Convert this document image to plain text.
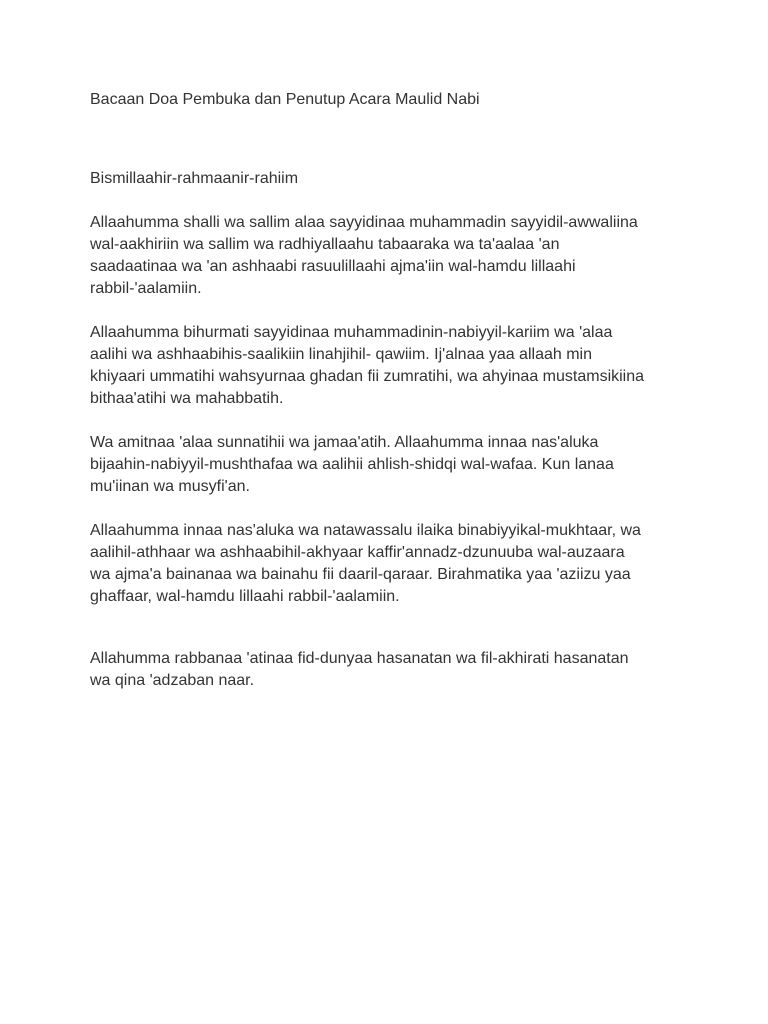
Bacaan Doa Pembuka dan Penutup Acara Maulid Nabi

Bismillaahir-rahmaanir-rahiim

Allaahumma shalli wa sallim alaa sayyidinaa muhammadin sayyidil-awwaliina
wal-aakhiriin wa sallim wa radhiyallaahu tabaaraka wa ta'aalaa 'an
saadaatinaa wa 'an ashhaabi rasuulillaahi ajma'iin wal-hamdu lillaahi
rabbil-'aalamiin.

Allaahumma bihurmati sayyidinaa muhammadinin-nabiyyil-kariim wa 'alaa
aalihi wa ashhaabihis-saalikiin linahjihil- qawiim. Ij'alnaa yaa allaah min
khiyaari ummatihi wahsyurnaa ghadan fii zumratihi, wa ahyinaa mustamsikiina
bithaa'atihi wa mahabbatih.

Wa amitnaa 'alaa sunnatihii wa jamaa'atih. Allaahumma innaa nas'aluka
bijaahin-nabiyyil-mushthafaa wa aalihii ahlish-shidqi wal-wafaa. Kun lanaa
mu'iinan wa musyfi'an.

Allaahumma innaa nas'aluka wa natawassalu ilaika binabiyyikal-mukhtaar, wa
aalihil-athhaar wa ashhaabihil-akhyaar kaffir'annadz-dzunuuba wal-auzaara
wa ajma'a bainanaa wa bainahu fii daaril-qaraar. Birahmatika yaa 'aziizu yaa
ghaffaar, wal-hamdu lillaahi rabbil-'aalamiin.

Allahumma rabbanaa 'atinaa fid-dunyaa hasanatan wa fil-akhirati hasanatan
wa qina 'adzaban naar.
